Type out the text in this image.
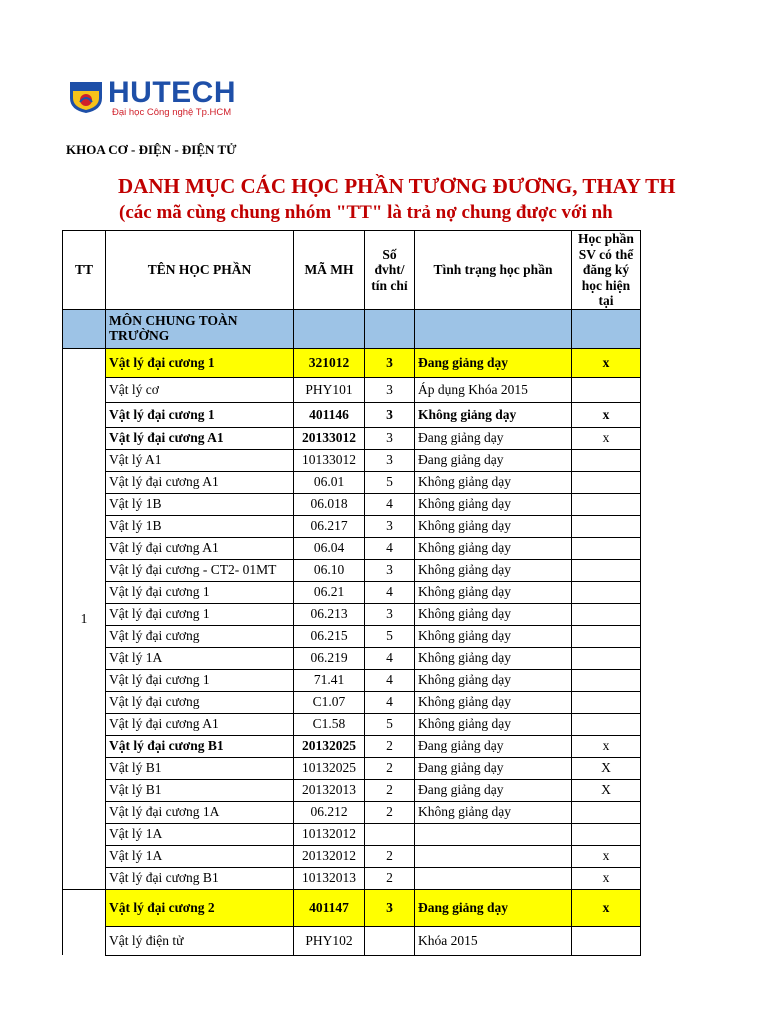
HUTECH
Đại học Công nghệ Tp.HCM
KHOA CƠ - ĐIỆN - ĐIỆN TỬ
DANH MỤC CÁC HỌC PHẦN TƯƠNG ĐƯƠNG, THAY TH
(các mã cùng chung nhóm "TT" là trả nợ chung được với nh
TT	TÊN HỌC PHẦN	MÃ MH	Số đvht/ tín chỉ	Tình trạng học phần	Học phần SV có thể đăng ký học hiện tại
	MÔN CHUNG TOÀN TRƯỜNG				
1	Vật lý đại cương 1	321012	3	Đang giảng dạy	x
	Vật lý cơ	PHY101	3	Áp dụng Khóa 2015	
	Vật lý đại cương 1	401146	3	Không giảng dạy	x
	Vật lý đại cương A1	20133012	3	Đang giảng dạy	x
	Vật lý A1	10133012	3	Đang giảng dạy	
	Vật lý đại cương A1	06.01	5	Không giảng dạy	
	Vật lý 1B	06.018	4	Không giảng dạy	
	Vật lý 1B	06.217	3	Không giảng dạy	
	Vật lý đại cương A1	06.04	4	Không giảng dạy	
	Vật lý đại cương - CT2- 01MT	06.10	3	Không giảng dạy	
	Vật lý đại cương 1	06.21	4	Không giảng dạy	
	Vật lý đại cương 1	06.213	3	Không giảng dạy	
	Vật lý đại cương	06.215	5	Không giảng dạy	
	Vật lý 1A	06.219	4	Không giảng dạy	
	Vật lý đại cương 1	71.41	4	Không giảng dạy	
	Vật lý đại cương	C1.07	4	Không giảng dạy	
	Vật lý đại cương A1	C1.58	5	Không giảng dạy	
	Vật lý đại cương B1	20132025	2	Đang giảng dạy	x
	Vật lý B1	10132025	2	Đang giảng dạy	X
	Vật lý B1	20132013	2	Đang giảng dạy	X
	Vật lý đại cương 1A	06.212	2	Không giảng dạy	
	Vật lý 1A	10132012			
	Vật lý 1A	20132012	2		x
	Vật lý đại cương B1	10132013	2		x
	Vật lý đại cương 2	401147	3	Đang giảng dạy	x
	Vật lý điện tử	PHY102		Khóa 2015	
